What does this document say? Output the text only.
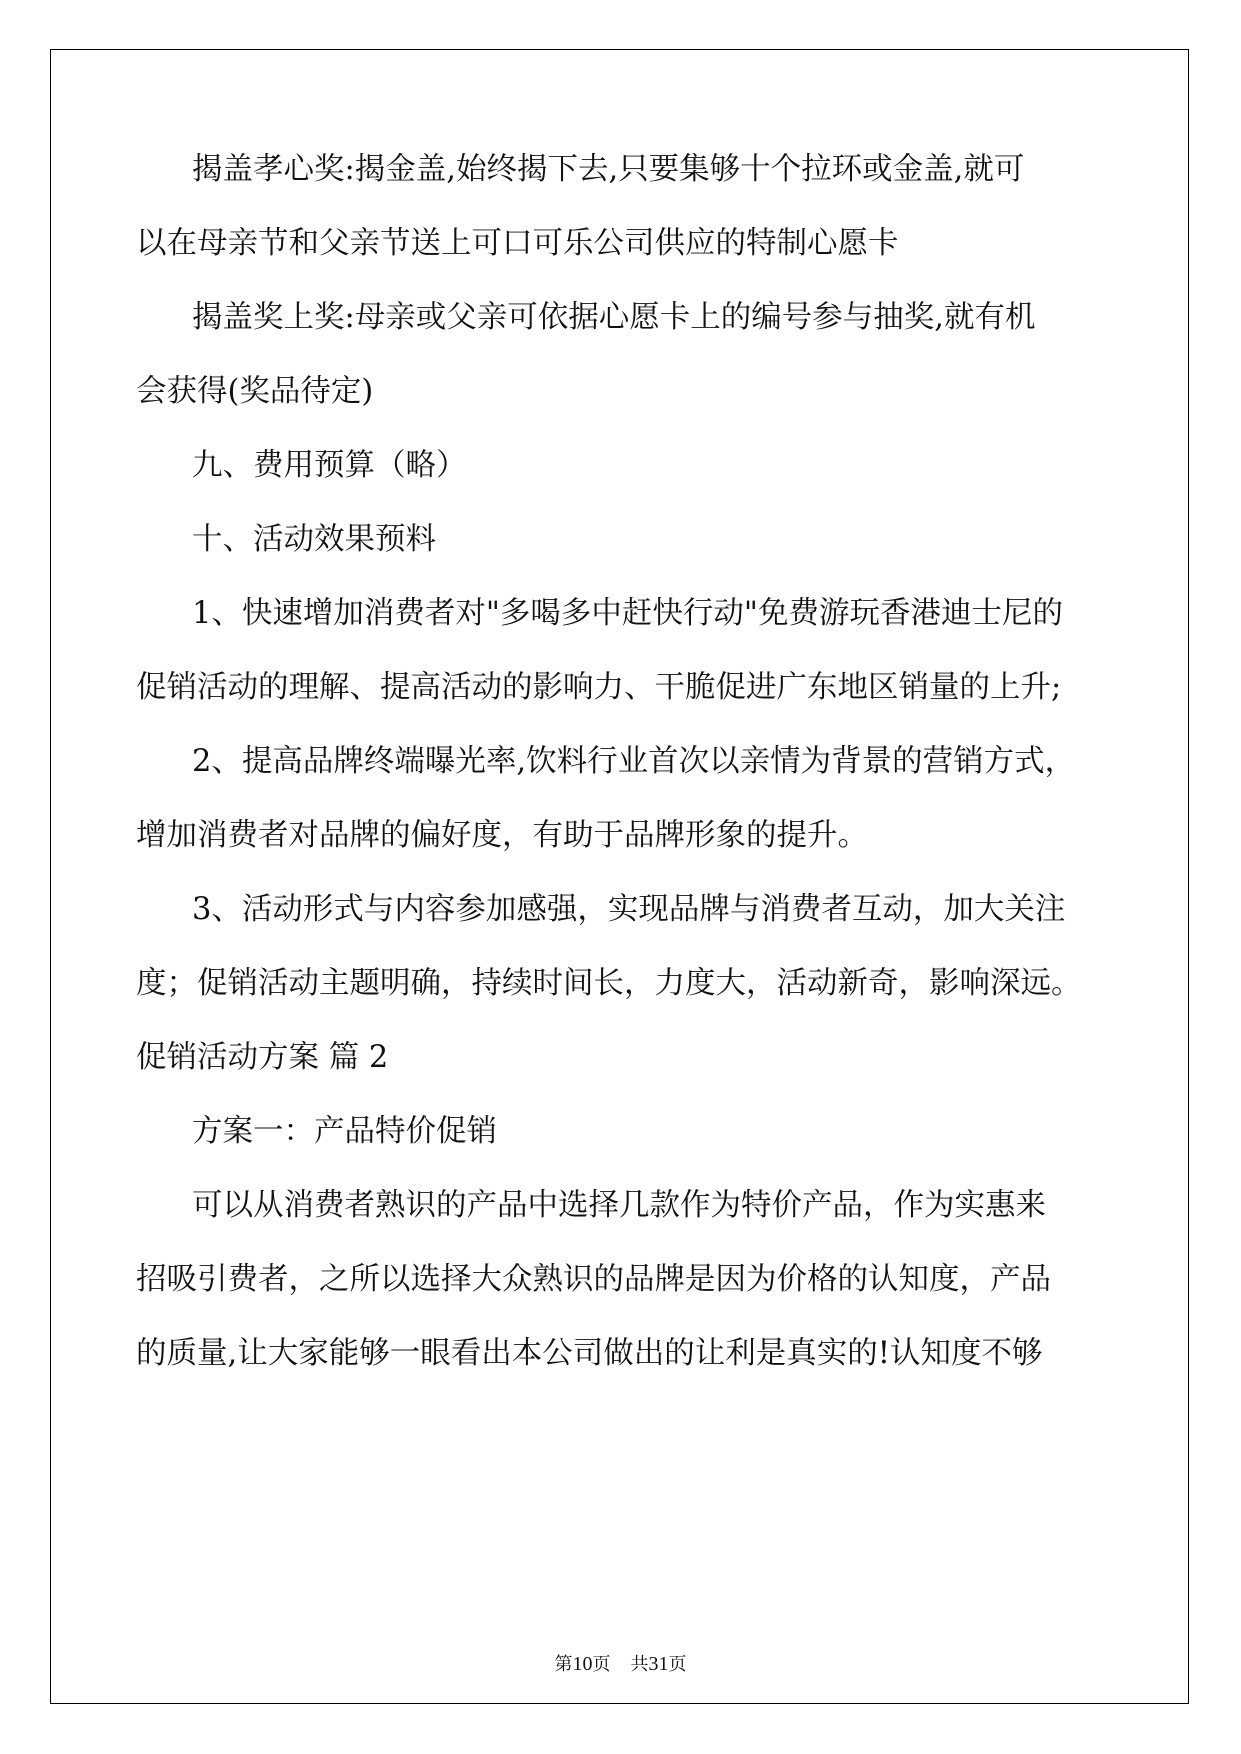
揭盖孝心奖:揭金盖,始终揭下去,只要集够十个拉环或金盖,就可
以在母亲节和父亲节送上可口可乐公司供应的特制心愿卡
揭盖奖上奖:母亲或父亲可依据心愿卡上的编号参与抽奖,就有机
会获得(奖品待定)
九、费用预算（略）
十、活动效果预料
1、快速增加消费者对"多喝多中赶快行动"免费游玩香港迪士尼的
促销活动的理解、提高活动的影响力、干脆促进广东地区销量的上升;
2、提高品牌终端曝光率,饮料行业首次以亲情为背景的营销方式，
增加消费者对品牌的偏好度，有助于品牌形象的提升。
3、活动形式与内容参加感强，实现品牌与消费者互动，加大关注
度；促销活动主题明确，持续时间长，力度大，活动新奇，影响深远。
促销活动方案 篇 2
方案一：产品特价促销
可以从消费者熟识的产品中选择几款作为特价产品，作为实惠来
招吸引费者，之所以选择大众熟识的品牌是因为价格的认知度，产品
的质量,让大家能够一眼看出本公司做出的让利是真实的!认知度不够
第10页 共31页
